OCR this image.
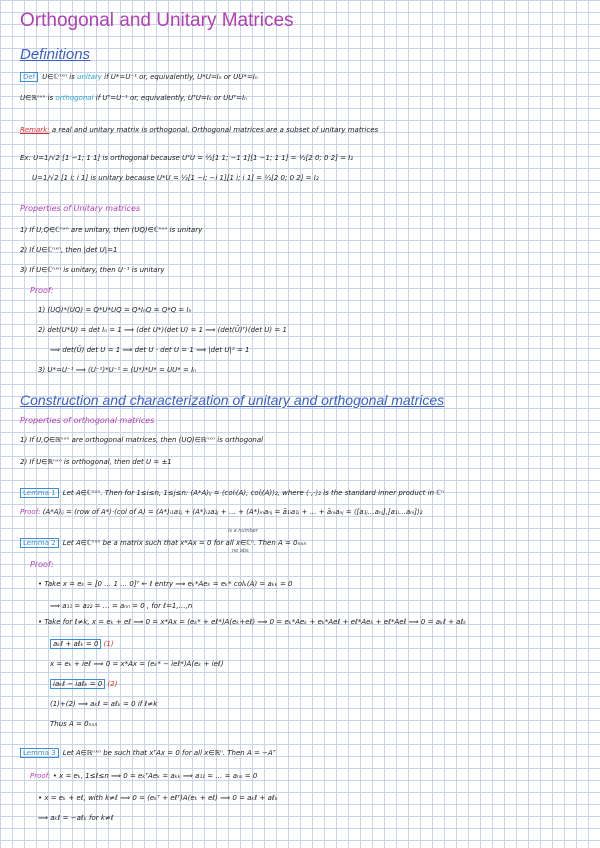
Orthogonal and Unitary Matrices
Definitions
Def U∈ℂⁿˣⁿ is unitary if U*=U⁻¹ or, equivalently, U*U=Iₙ or UU*=Iₙ
U∈ℝⁿˣⁿ is orthogonal if Uᵀ=U⁻¹ or, equivalently, UᵀU=Iₙ or UUᵀ=Iₙ
Remark: a real and unitary matrix is orthogonal. Orthogonal matrices are a subset of unitary matrices
Ex: U=1/√2 [1 −1; 1 1] is orthogonal because UᵀU = ½[1 1; −1 1][1 −1; 1 1] = ½[2 0; 0 2] = I₂
U=1/√2 [1 i; i 1] is unitary because U*U = ½[1 −i; −i 1][1 i; i 1] = ½[2 0; 0 2] = I₂
Properties of Unitary matrices
1) If U,Q∈ℂⁿˣⁿ are unitary, then (UQ)∈ℂⁿˣⁿ is unitary
2) If U∈ℂⁿˣⁿ, then |det U|=1
3) If U∈ℂⁿˣⁿ is unitary, then U⁻¹ is unitary
Proof:
1) (UQ)*(UQ) = Q*U*UQ = Q*IₙQ = Q*Q = Iₙ
2) det(U*U) = det Iₙ = 1 ⟹ (det U*)(det U) = 1 ⟹ (det(Ū)ᵀ)(det U) = 1
⟹ det(Ū) det U = 1 ⟹ det U · det U = 1 ⟹ |det U|² = 1
3) U*=U⁻¹ ⟹ (U⁻¹)*U⁻¹ = (U*)*U* = UU* = Iₙ
Construction and characterization of unitary and orthogonal matrices
Properties of orthogonal matrices
1) If U,Q∈ℝⁿˣⁿ are orthogonal matrices, then (UQ)∈ℝⁿˣⁿ is orthogonal
2) If U∈ℝⁿˣⁿ is orthogonal, then det U = ±1
Lemma 1 Let A∈ℂⁿˣⁿ. Then for 1≤i≤n, 1≤j≤n: (A*A)ᵢⱼ = ⟨colᵢ(A), colⱼ(A)⟩₂, where ⟨·,·⟩₂ is the standard inner product in ℂⁿ
Proof: (A*A)ᵢⱼ = (row of A*)·(col of A) = (A*)ᵢ₁a₁ⱼ + (A*)ᵢ₂a₂ⱼ + … + (A*)ᵢₙaₙⱼ = ā₁ᵢa₁ⱼ + … + āₙᵢaₙⱼ = ⟨[a₁ⱼ…aₙⱼ],[a₁ᵢ…aₙᵢ]⟩₂
is a number
Lemma 2 Let A∈ℂⁿˣⁿ be a matrix such that x*Ax = 0 for all x∈ℂⁿ. Then A = 0ₙₓₙ
no abs
Proof:
• Take x = eₖ = [0 … 1 … 0]ᵀ ← ℓ entry ⟹ eₖ*Aeₖ = eₖ* colₖ(A) = aₖₖ = 0
⟹ a₁₁ = a₂₂ = … = aₙₙ = 0 , for ℓ=1,…,n
• Take for ℓ≠k, x = eₖ + eℓ ⟹ 0 = x*Ax = (eₖ* + eℓ*)A(eₖ+eℓ) ⟹ 0 = eₖ*Aeₖ + eₖ*Aeℓ + eℓ*Aeₖ + eℓ*Aeℓ ⟹ 0 = aₖℓ + aℓₖ
aₖℓ + aℓₖ = 0 (1)
x = eₖ + ieℓ ⟹ 0 = x*Ax = (eₖ* − ieℓ*)A(eₖ + ieℓ)
iaₖℓ − iaℓₖ = 0 (2)
(1)+(2) ⟹ aₖℓ = aℓₖ = 0 if ℓ≠k
Thus A = 0ₙₓₙ
Lemma 3 Let A∈ℝⁿˣⁿ be such that xᵀAx = 0 for all x∈ℝⁿ. Then A = −Aᵀ
Proof: • x = eₖ, 1≤ℓ≤n ⟹ 0 = eₖᵀAeₖ = aₖₖ ⟹ a₁₁ = … = aₙₙ = 0
• x = eₖ + eℓ, with k≠ℓ ⟹ 0 = (eₖᵀ + eℓᵀ)A(eₖ + eℓ) ⟹ 0 = aₖℓ + aℓₖ
⟹ aₖℓ = −aℓₖ for k≠ℓ
